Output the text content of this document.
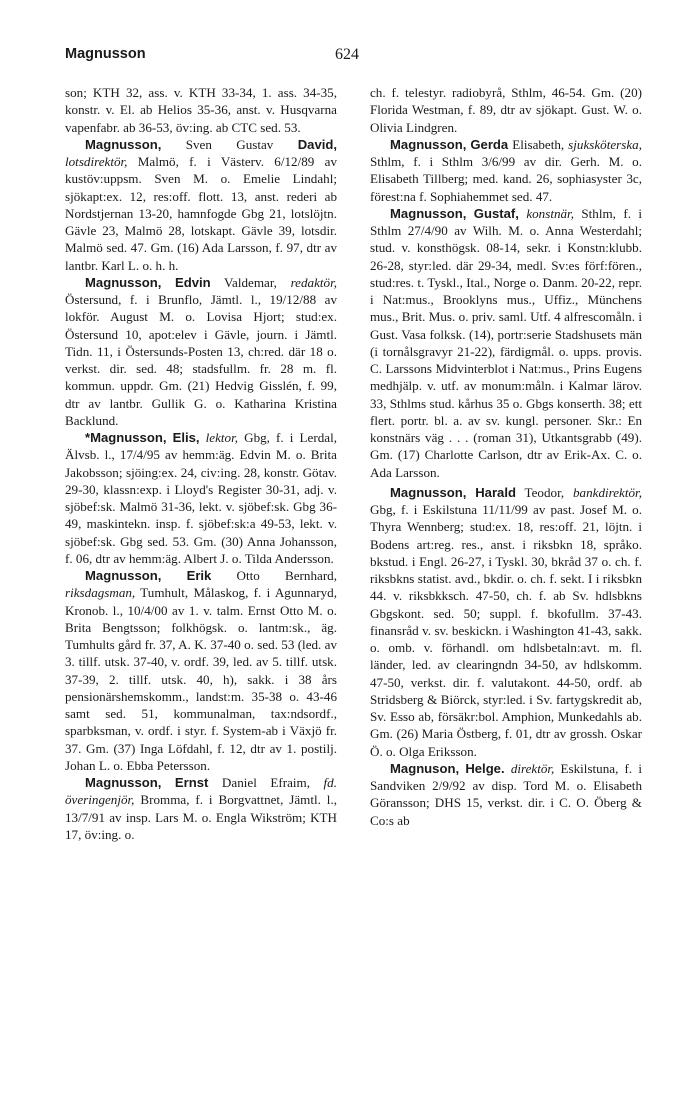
Magnusson	624

son; KTH 32, ass. v. KTH 33-34, 1. ass. 34-35, konstr. v. El. ab Helios 35-36, anst. v. Husqvarna vapenfabr. ab 36-53, öv:ing. ab CTC sed. 53.

Magnusson, Sven Gustav David, lotsdirektör, Malmö, f. i Västerv. 6/12/89 av kustöv:uppsm. Sven M. o. Emelie Lindahl; sjökapt:ex. 12, res:off. flott. 13, anst. rederi ab Nordstjernan 13-20, hamnfogde Gbg 21, lotslöjtn. Gävle 23, Malmö 28, lotskapt. Gävle 39, lotsdir. Malmö sed. 47. Gm. (16) Ada Larsson, f. 97, dtr av lantbr. Karl L. o. h. h.

Magnusson, Edvin Valdemar, redaktör, Östersund, f. i Brunflo, Jämtl. l., 19/12/88 av lokför. August M. o. Lovisa Hjort; stud:ex. Östersund 10, apot:elev i Gävle, journ. i Jämtl. Tidn. 11, i Östersunds-Posten 13, ch:red. där 18 o. verkst. dir. sed. 48; stadsfullm. fr. 28 m. fl. kommun. uppdr. Gm. (21) Hedvig Gisslén, f. 99, dtr av lantbr. Gullik G. o. Katharina Kristina Backlund.

*Magnusson, Elis, lektor, Gbg, f. i Lerdal, Älvsb. l., 17/4/95 av hemm:äg. Edvin M. o. Brita Jakobsson; sjöing:ex. 24, civ:ing. 28, konstr. Götav. 29-30, klassn:exp. i Lloyd's Register 30-31, adj. v. sjöbef:sk. Malmö 31-36, lekt. v. sjöbef:sk. Gbg 36-49, maskintekn. insp. f. sjöbef:sk:a 49-53, lekt. v. sjöbef:sk. Gbg sed. 53. Gm. (30) Anna Johansson, f. 06, dtr av hemm:äg. Albert J. o. Tilda Andersson.

Magnusson, Erik Otto Bernhard, riksdagsman, Tumhult, Målaskog, f. i Agunnaryd, Kronob. l., 10/4/00 av 1. v. talm. Ernst Otto M. o. Brita Bengtsson; folkhögsk. o. lantm:sk., äg. Tumhults gård fr. 37, A. K. 37-40 o. sed. 53 (led. av 3. tillf. utsk. 37-40, v. ordf. 39, led. av 5. tillf. utsk. 37-39, 2. tillf. utsk. 40, h), sakk. i 38 års pensionärshemskomm., landst:m. 35-38 o. 43-46 samt sed. 51, kommunalman, tax:ndsordf., sparbksman, v. ordf. i styr. f. System-ab i Växjö fr. 37. Gm. (37) Inga Löfdahl, f. 12, dtr av 1. postilj. Johan L. o. Ebba Petersson.

Magnusson, Ernst Daniel Efraim, fd. överingenjör, Bromma, f. i Borgvattnet, Jämtl. l., 13/7/91 av insp. Lars M. o. Engla Wikström; KTH 17, öv:ing. o.

ch. f. telestyr. radiobyrå, Sthlm, 46-54. Gm. (20) Florida Westman, f. 89, dtr av sjökapt. Gust. W. o. Olivia Lindgren.

Magnusson, Gerda Elisabeth, sjuksköterska, Sthlm, f. i Sthlm 3/6/99 av dir. Gerh. M. o. Elisabeth Tillberg; med. kand. 26, sophiasyster 3c, förest:na f. Sophiahemmet sed. 47.

Magnusson, Gustaf, konstnär, Sthlm, f. i Sthlm 27/4/90 av Wilh. M. o. Anna Westerdahl; stud. v. konsthögsk. 08-14, sekr. i Konstn:klubb. 26-28, styr:led. där 29-34, medl. Sv:es förf:fören., stud:res. t. Tyskl., Ital., Norge o. Danm. 20-22, repr. i Nat:mus., Brooklyns mus., Uffiz., Münchens mus., Brit. Mus. o. priv. saml. Utf. 4 alfrescomåln. i Gust. Vasa folksk. (14), portr:serie Stadshusets män (i tornålsgravyr 21-22), färdigmål. o. upps. provis. C. Larssons Midvinterblot i Nat:mus., Prins Eugens medhjälp. v. utf. av monum:måln. i Kalmar lärov. 33, Sthlms stud. kårhus 35 o. Gbgs konserth. 38; ett flert. portr. bl. a. av sv. kungl. personer. Skr.: En konstnärs väg . . . (roman 31), Utkantsgrabb (49). Gm. (17) Charlotte Carlson, dtr av Erik-Ax. C. o. Ada Larsson.

Magnusson, Harald Teodor, bankdirektör, Gbg, f. i Eskilstuna 11/11/99 av past. Josef M. o. Thyra Wennberg; stud:ex. 18, res:off. 21, löjtn. i Bodens art:reg. res., anst. i riksbkn 18, språko. bkstud. i Engl. 26-27, i Tyskl. 30, bkråd 37 o. ch. f. riksbkns statist. avd., bkdir. o. ch. f. sekt. I i riksbkn 44. v. riksbkksch. 47-50, ch. f. ab Sv. hdlsbkns Gbgskont. sed. 50; suppl. f. bkofullm. 37-43. finansråd v. sv. beskickn. i Washington 41-43, sakk. o. omb. v. förhandl. om hdlsbetaln:avt. m. fl. länder, led. av clearingndn 34-50, av hdlskomm. 47-50, verkst. dir. f. valutakont. 44-50, ordf. ab Stridsberg & Biörck, styr:led. i Sv. fartygskredit ab, Sv. Esso ab, försäkr:bol. Amphion, Munkedahls ab. Gm. (26) Maria Östberg, f. 01, dtr av grossh. Oskar Ö. o. Olga Eriksson.

Magnuson, Helge. direktör, Eskilstuna, f. i Sandviken 2/9/92 av disp. Tord M. o. Elisabeth Göransson; DHS 15, verkst. dir. i C. O. Öberg & Co:s ab
